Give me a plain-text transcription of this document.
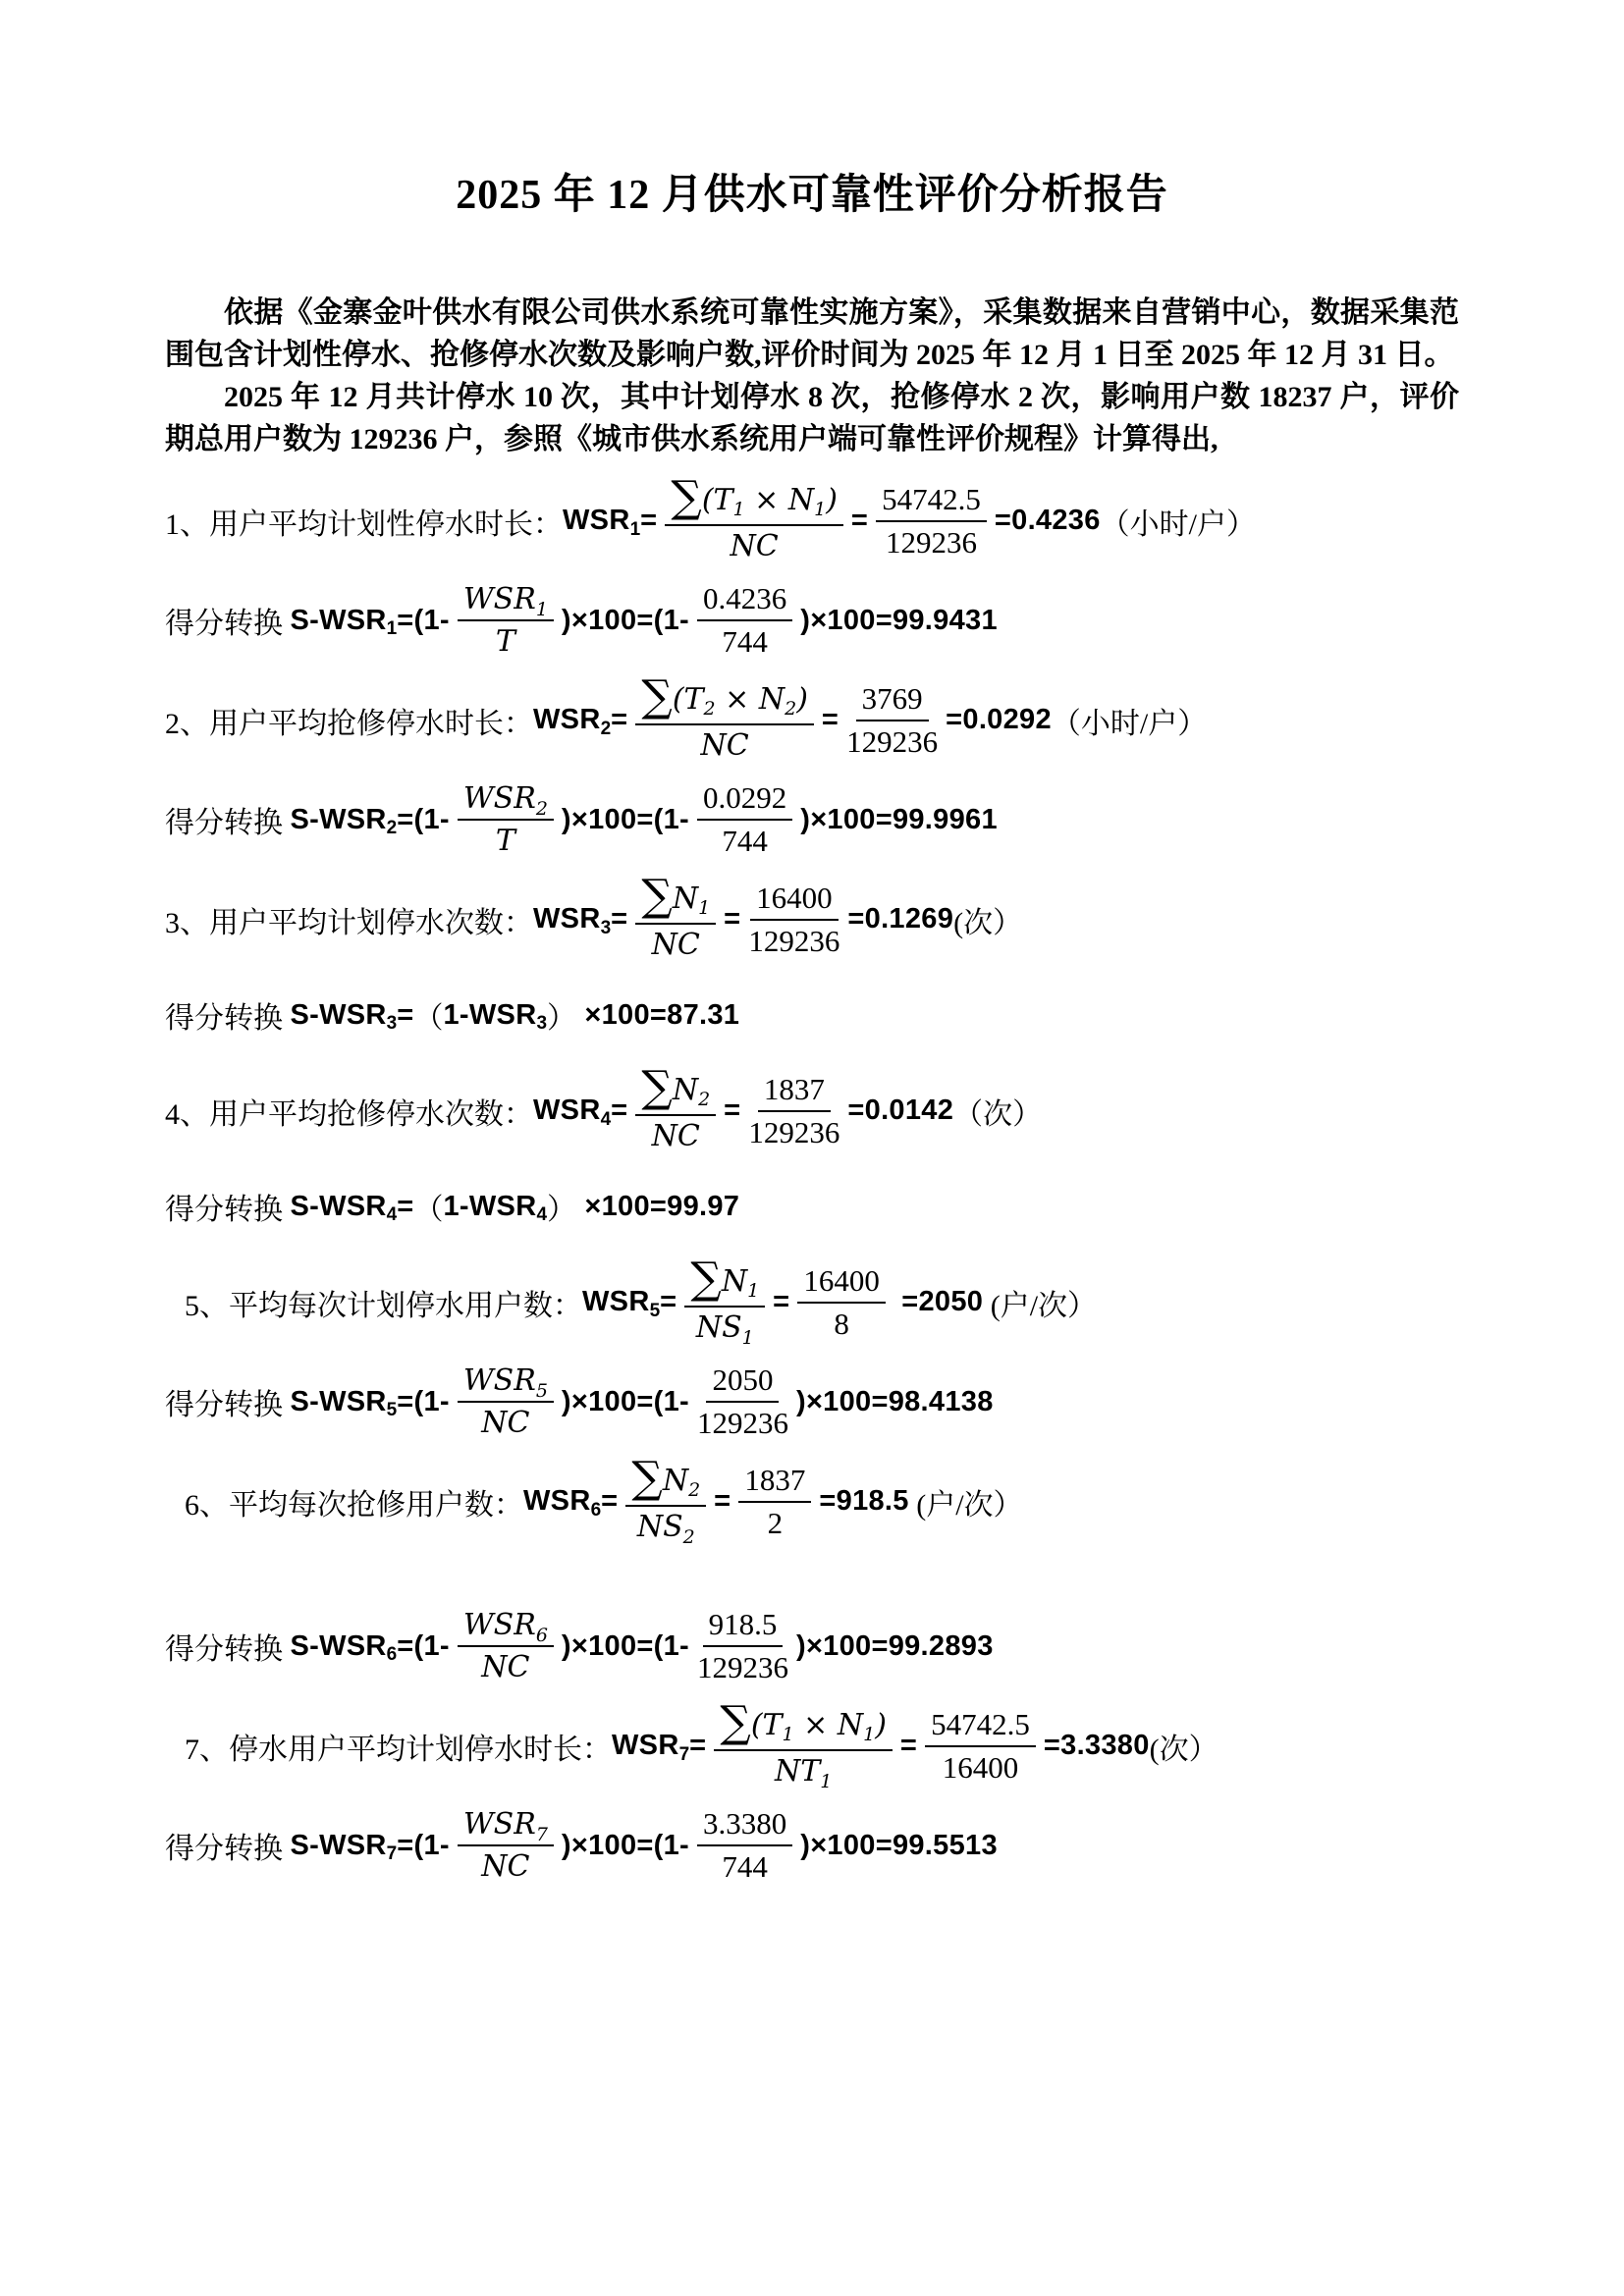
2025 年 12 月供水可靠性评价分析报告

依据《金寨金叶供水有限公司供水系统可靠性实施方案》，采集数据来自营销中心，数据采集范围包含计划性停水、抢修停水次数及影响户数,评价时间为 2025 年 12 月 1 日至 2025 年 12 月 31 日。

2025 年 12 月共计停水 10 次，其中计划停水 8 次，抢修停水 2 次，影响用户数 18237 户，评价期总用户数为 129236 户，参照《城市供水系统用户端可靠性评价规程》计算得出,

1、用户平均计划性停水时长： WSR $1 = \frac{\sum (T 1 \times N 1 )}{NC} = \frac{54742.5}{129236} =0.4236$ （小时/户）
得分转换 S-WSR $1 =(1- \frac{\text{WSR 1}}{T} )\times 100=(1- \frac{0.4236}{744} )\times 100=99.9431$
2、用户平均抢修停水时长： WSR $2 = \frac{\sum (T 2 \times N 2 )}{NC} = \frac{3769}{129236} =0.0292$ （小时/户）
得分转换 S-WSR $2 =(1- \frac{\text{WSR 2}}{T} )\times 100=(1- \frac{0.0292}{744} )\times 100=99.9961$
3、用户平均计划停水次数： WSR $3 = \frac{\sum N 1}{NC} = \frac{16400}{129236} =0.1269$ (次）
得分转换 S-WSR 3 = （ 1-WSR 3 ） ×100=87.31
4、用户平均抢修停水次数： WSR $4 = \frac{\sum N 2}{NC} = \frac{1837}{129236} =0.0142$ （次）
得分转换 S-WSR 4 = （ 1-WSR 4 ） ×100=99.97
5、平均每次计划停水用户数： WSR $5 = \frac{\sum N 1}{NS 1} = \frac{16400}{8} =2050$ (户/次）
得分转换 S-WSR $5 =(1- \frac{\text{WSR 5}}{NC} )\times 100=(1- \frac{2050}{129236} )\times 100=98.4138$
6、平均每次抢修用户数： WSR $6 = \frac{\sum N 2}{NS 2} = \frac{1837}{2} =918.5$ (户/次）
得分转换 S-WSR $6 =(1- \frac{\text{WSR 6}}{NC} )\times 100=(1- \frac{918.5}{129236} )\times 100=99.2893$
7、停水用户平均计划停水时长： WSR $7 = \frac{\sum (T 1 \times N 1 )}{NT 1} = \frac{54742.5}{16400} =3.3380$ (次）
得分转换 S-WSR $7 =(1- \frac{\text{WSR 7}}{NC} )\times 100=(1- \frac{3.3380}{744} )\times 100=99.5513$
